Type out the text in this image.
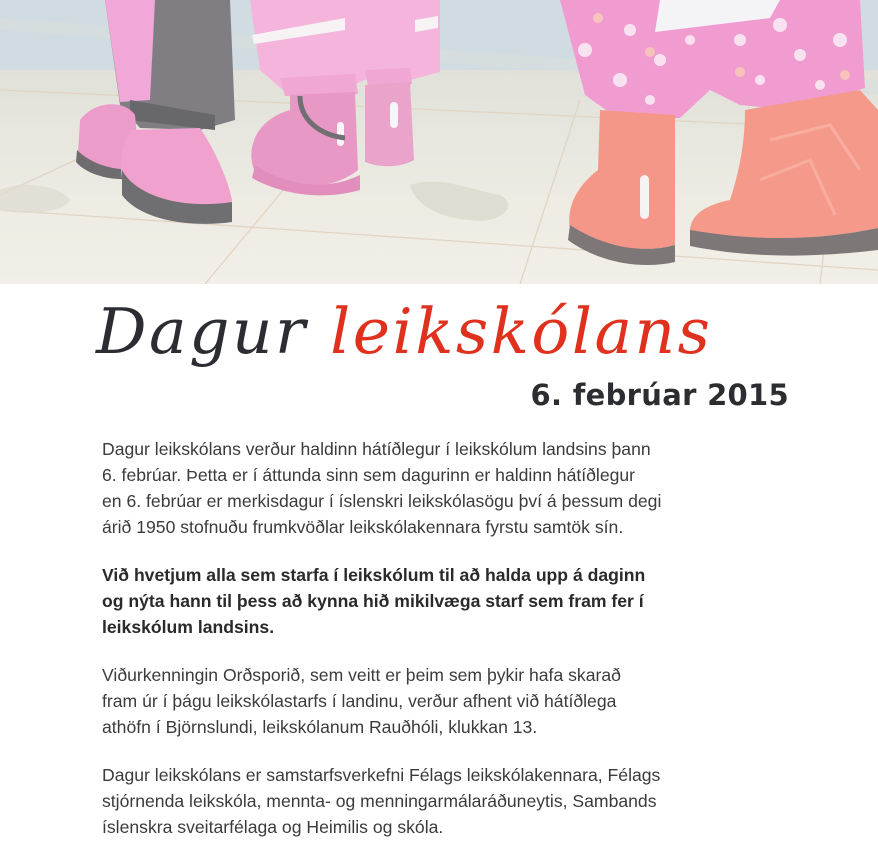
Dagur leikskólans
6. febrúar 2015

Dagur leikskólans verður haldinn hátíðlegur í leikskólum landsins þann
6. febrúar. Þetta er í áttunda sinn sem dagurinn er haldinn hátíðlegur
en 6. febrúar er merkisdagur í íslenskri leikskólasögu því á þessum degi
árið 1950 stofnuðu frumkvöðlar leikskólakennara fyrstu samtök sín.

Við hvetjum alla sem starfa í leikskólum til að halda upp á daginn
og nýta hann til þess að kynna hið mikilvæga starf sem fram fer í
leikskólum landsins.

Viðurkenningin Orðsporið, sem veitt er þeim sem þykir hafa skarað
fram úr í þágu leikskólastarfs í landinu, verður afhent við hátíðlega
athöfn í Björnslundi, leikskólanum Rauðhóli, klukkan 13.

Dagur leikskólans er samstarfsverkefni Félags leikskólakennara, Félags
stjórnenda leikskóla, mennta- og menningarmálaráðuneytis, Sambands
íslenskra sveitarfélaga og Heimilis og skóla.
